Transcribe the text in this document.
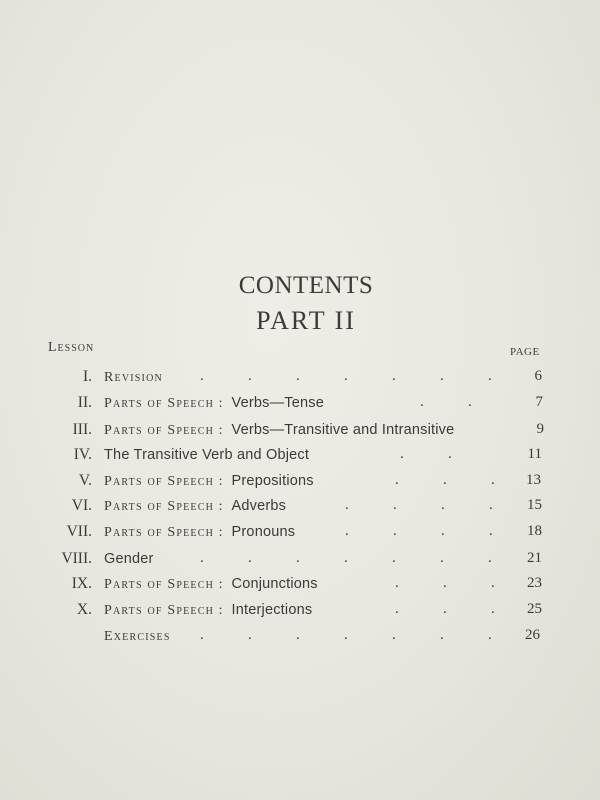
CONTENTS
PART II
Lesson	PAGE
I. Revision .	.	.	.	.	.	.	6
II. Parts of Speech : Verbs—Tense	.	.	7
III. Parts of Speech : Verbs—Transitive and Intransitive	9
IV. The Transitive Verb and Object	.	.	11
V. Parts of Speech : Prepositions	.	.	.	13
VI. Parts of Speech : Adverbs	.	.	.	.	15
VII. Parts of Speech : Pronouns	.	.	.	.	18
VIII. Gender	.	.	.	.	.	.	.	21
IX. Parts of Speech : Conjunctions	.	.	.	23
X. Parts of Speech : Interjections	.	.	.	25
Exercises .	.	.	.	.	.	.	26
